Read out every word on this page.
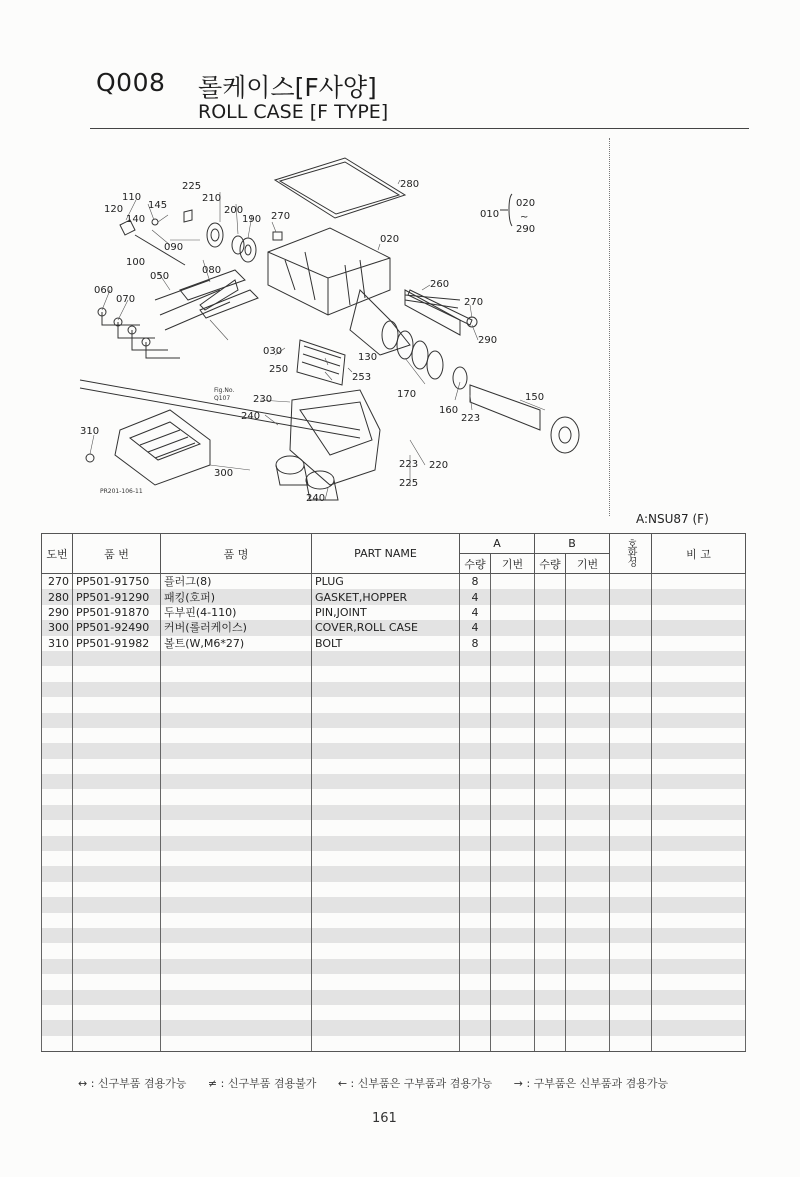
Q008 롤케이스[F사양]
ROLL CASE [F TYPE]
280
225
210
200
190 270
020
110
145
120
140
090
100
080
050
060
070
260
270
290
030
130
250
253
170	150
160
223
230
240
310
300
223 220
225
240
010
020
290
~
Fig.No.
Q107
PR201-106-11
A:NSU87 (F)
도번	품 번	품 명	PART NAME	A		B		호환성	비 고
				수량	기번	수량	기번		
270	PP501-91750	플러그(8)	PLUG	8					
280	PP501-91290	패킹(호퍼)	GASKET,HOPPER	4					
290	PP501-91870	두부핀(4-110)	PIN,JOINT	4					
300	PP501-92490	커버(롤러케이스)	COVER,ROLL CASE	4					
310	PP501-91982	볼트(W,M6*27)	BOLT	8					

↔ : 신구부품 겸용가능 ≠ : 신구부품 겸용불가 ← : 신부품은 구부품과 겸용가능 → : 구부품은 신부품과 겸용가능
161
